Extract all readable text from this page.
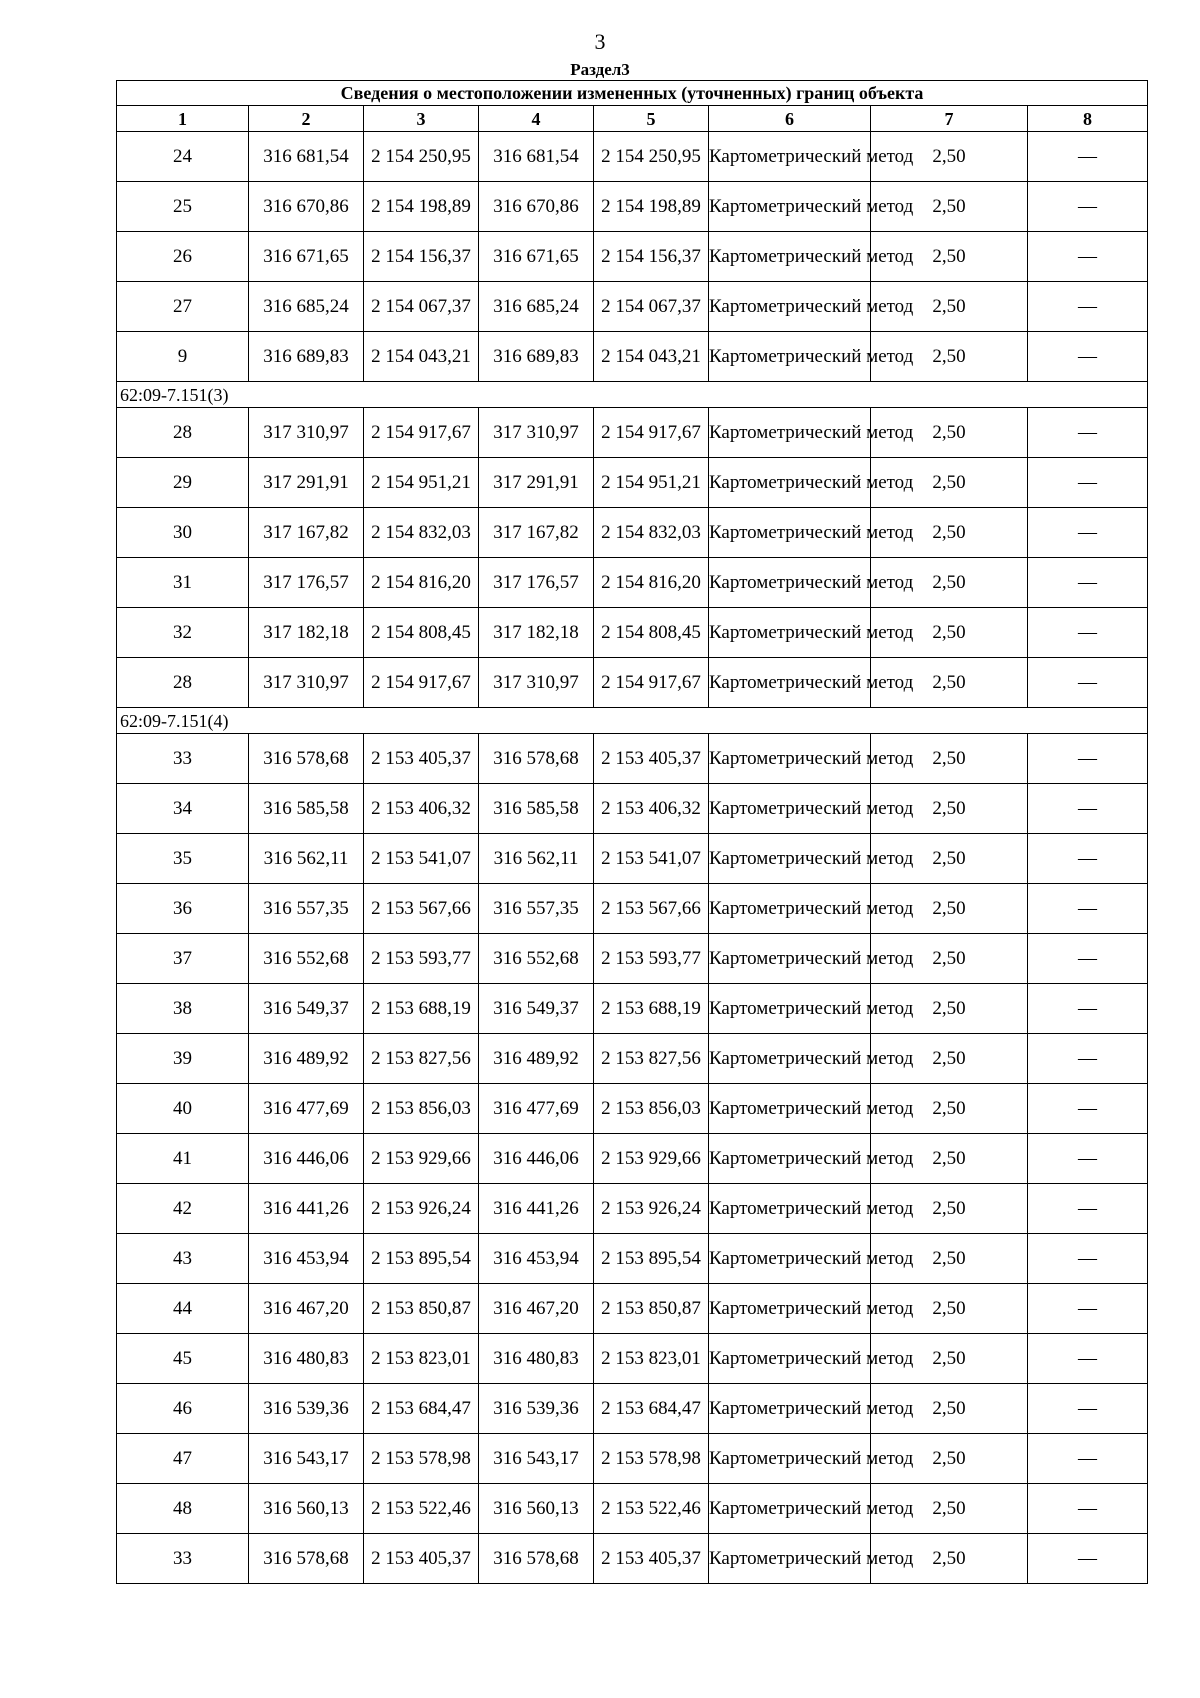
3
Раздел3
Сведения о местоположении измененных (уточненных) границ объекта							
1	2	3	4	5	6	7	8
24	316 681,54	2 154 250,95	316 681,54	2 154 250,95	Картометрический метод	2,50	—
25	316 670,86	2 154 198,89	316 670,86	2 154 198,89	Картометрический метод	2,50	—
26	316 671,65	2 154 156,37	316 671,65	2 154 156,37	Картометрический метод	2,50	—
27	316 685,24	2 154 067,37	316 685,24	2 154 067,37	Картометрический метод	2,50	—
9	316 689,83	2 154 043,21	316 689,83	2 154 043,21	Картометрический метод	2,50	—
62:09-7.151(3)							
28	317 310,97	2 154 917,67	317 310,97	2 154 917,67	Картометрический метод	2,50	—
29	317 291,91	2 154 951,21	317 291,91	2 154 951,21	Картометрический метод	2,50	—
30	317 167,82	2 154 832,03	317 167,82	2 154 832,03	Картометрический метод	2,50	—
31	317 176,57	2 154 816,20	317 176,57	2 154 816,20	Картометрический метод	2,50	—
32	317 182,18	2 154 808,45	317 182,18	2 154 808,45	Картометрический метод	2,50	—
28	317 310,97	2 154 917,67	317 310,97	2 154 917,67	Картометрический метод	2,50	—
62:09-7.151(4)							
33	316 578,68	2 153 405,37	316 578,68	2 153 405,37	Картометрический метод	2,50	—
34	316 585,58	2 153 406,32	316 585,58	2 153 406,32	Картометрический метод	2,50	—
35	316 562,11	2 153 541,07	316 562,11	2 153 541,07	Картометрический метод	2,50	—
36	316 557,35	2 153 567,66	316 557,35	2 153 567,66	Картометрический метод	2,50	—
37	316 552,68	2 153 593,77	316 552,68	2 153 593,77	Картометрический метод	2,50	—
38	316 549,37	2 153 688,19	316 549,37	2 153 688,19	Картометрический метод	2,50	—
39	316 489,92	2 153 827,56	316 489,92	2 153 827,56	Картометрический метод	2,50	—
40	316 477,69	2 153 856,03	316 477,69	2 153 856,03	Картометрический метод	2,50	—
41	316 446,06	2 153 929,66	316 446,06	2 153 929,66	Картометрический метод	2,50	—
42	316 441,26	2 153 926,24	316 441,26	2 153 926,24	Картометрический метод	2,50	—
43	316 453,94	2 153 895,54	316 453,94	2 153 895,54	Картометрический метод	2,50	—
44	316 467,20	2 153 850,87	316 467,20	2 153 850,87	Картометрический метод	2,50	—
45	316 480,83	2 153 823,01	316 480,83	2 153 823,01	Картометрический метод	2,50	—
46	316 539,36	2 153 684,47	316 539,36	2 153 684,47	Картометрический метод	2,50	—
47	316 543,17	2 153 578,98	316 543,17	2 153 578,98	Картометрический метод	2,50	—
48	316 560,13	2 153 522,46	316 560,13	2 153 522,46	Картометрический метод	2,50	—
33	316 578,68	2 153 405,37	316 578,68	2 153 405,37	Картометрический метод	2,50	—
